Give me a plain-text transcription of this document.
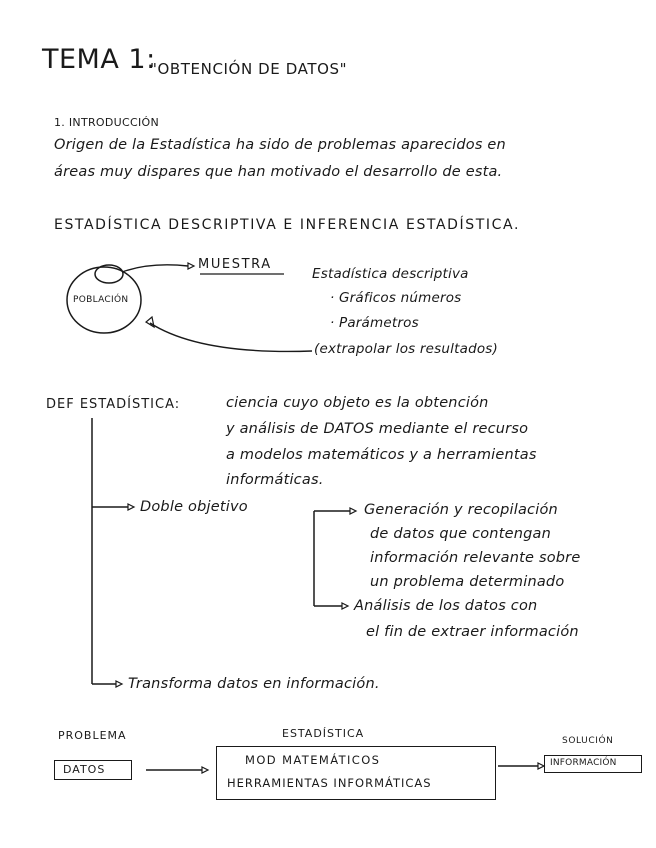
TEMA 1:
"OBTENCIÓN DE DATOS"
1. INTRODUCCIÓN
Origen de la Estadística ha sido de problemas aparecidos en
áreas muy dispares que han motivado el desarrollo de esta.
ESTADÍSTICA DESCRIPTIVA E INFERENCIA ESTADÍSTICA.
POBLACIÓN
MUESTRA
Estadística descriptiva
· Gráficos números
· Parámetros
(extrapolar los resultados)
DEF ESTADÍSTICA:	ciencia cuyo objeto es la obtención
y análisis de DATOS mediante el recurso
a modelos matemáticos y a herramientas
informáticas.
Doble objetivo	Generación y recopilación
de datos que contengan
información relevante sobre
un problema determinado
Análisis de los datos con
el fin de extraer información
Transforma datos en información.
PROBLEMA
DATOS
ESTADÍSTICA
MOD MATEMÁTICOS
HERRAMIENTAS INFORMÁTICAS
SOLUCIÓN
INFORMACIÓN
